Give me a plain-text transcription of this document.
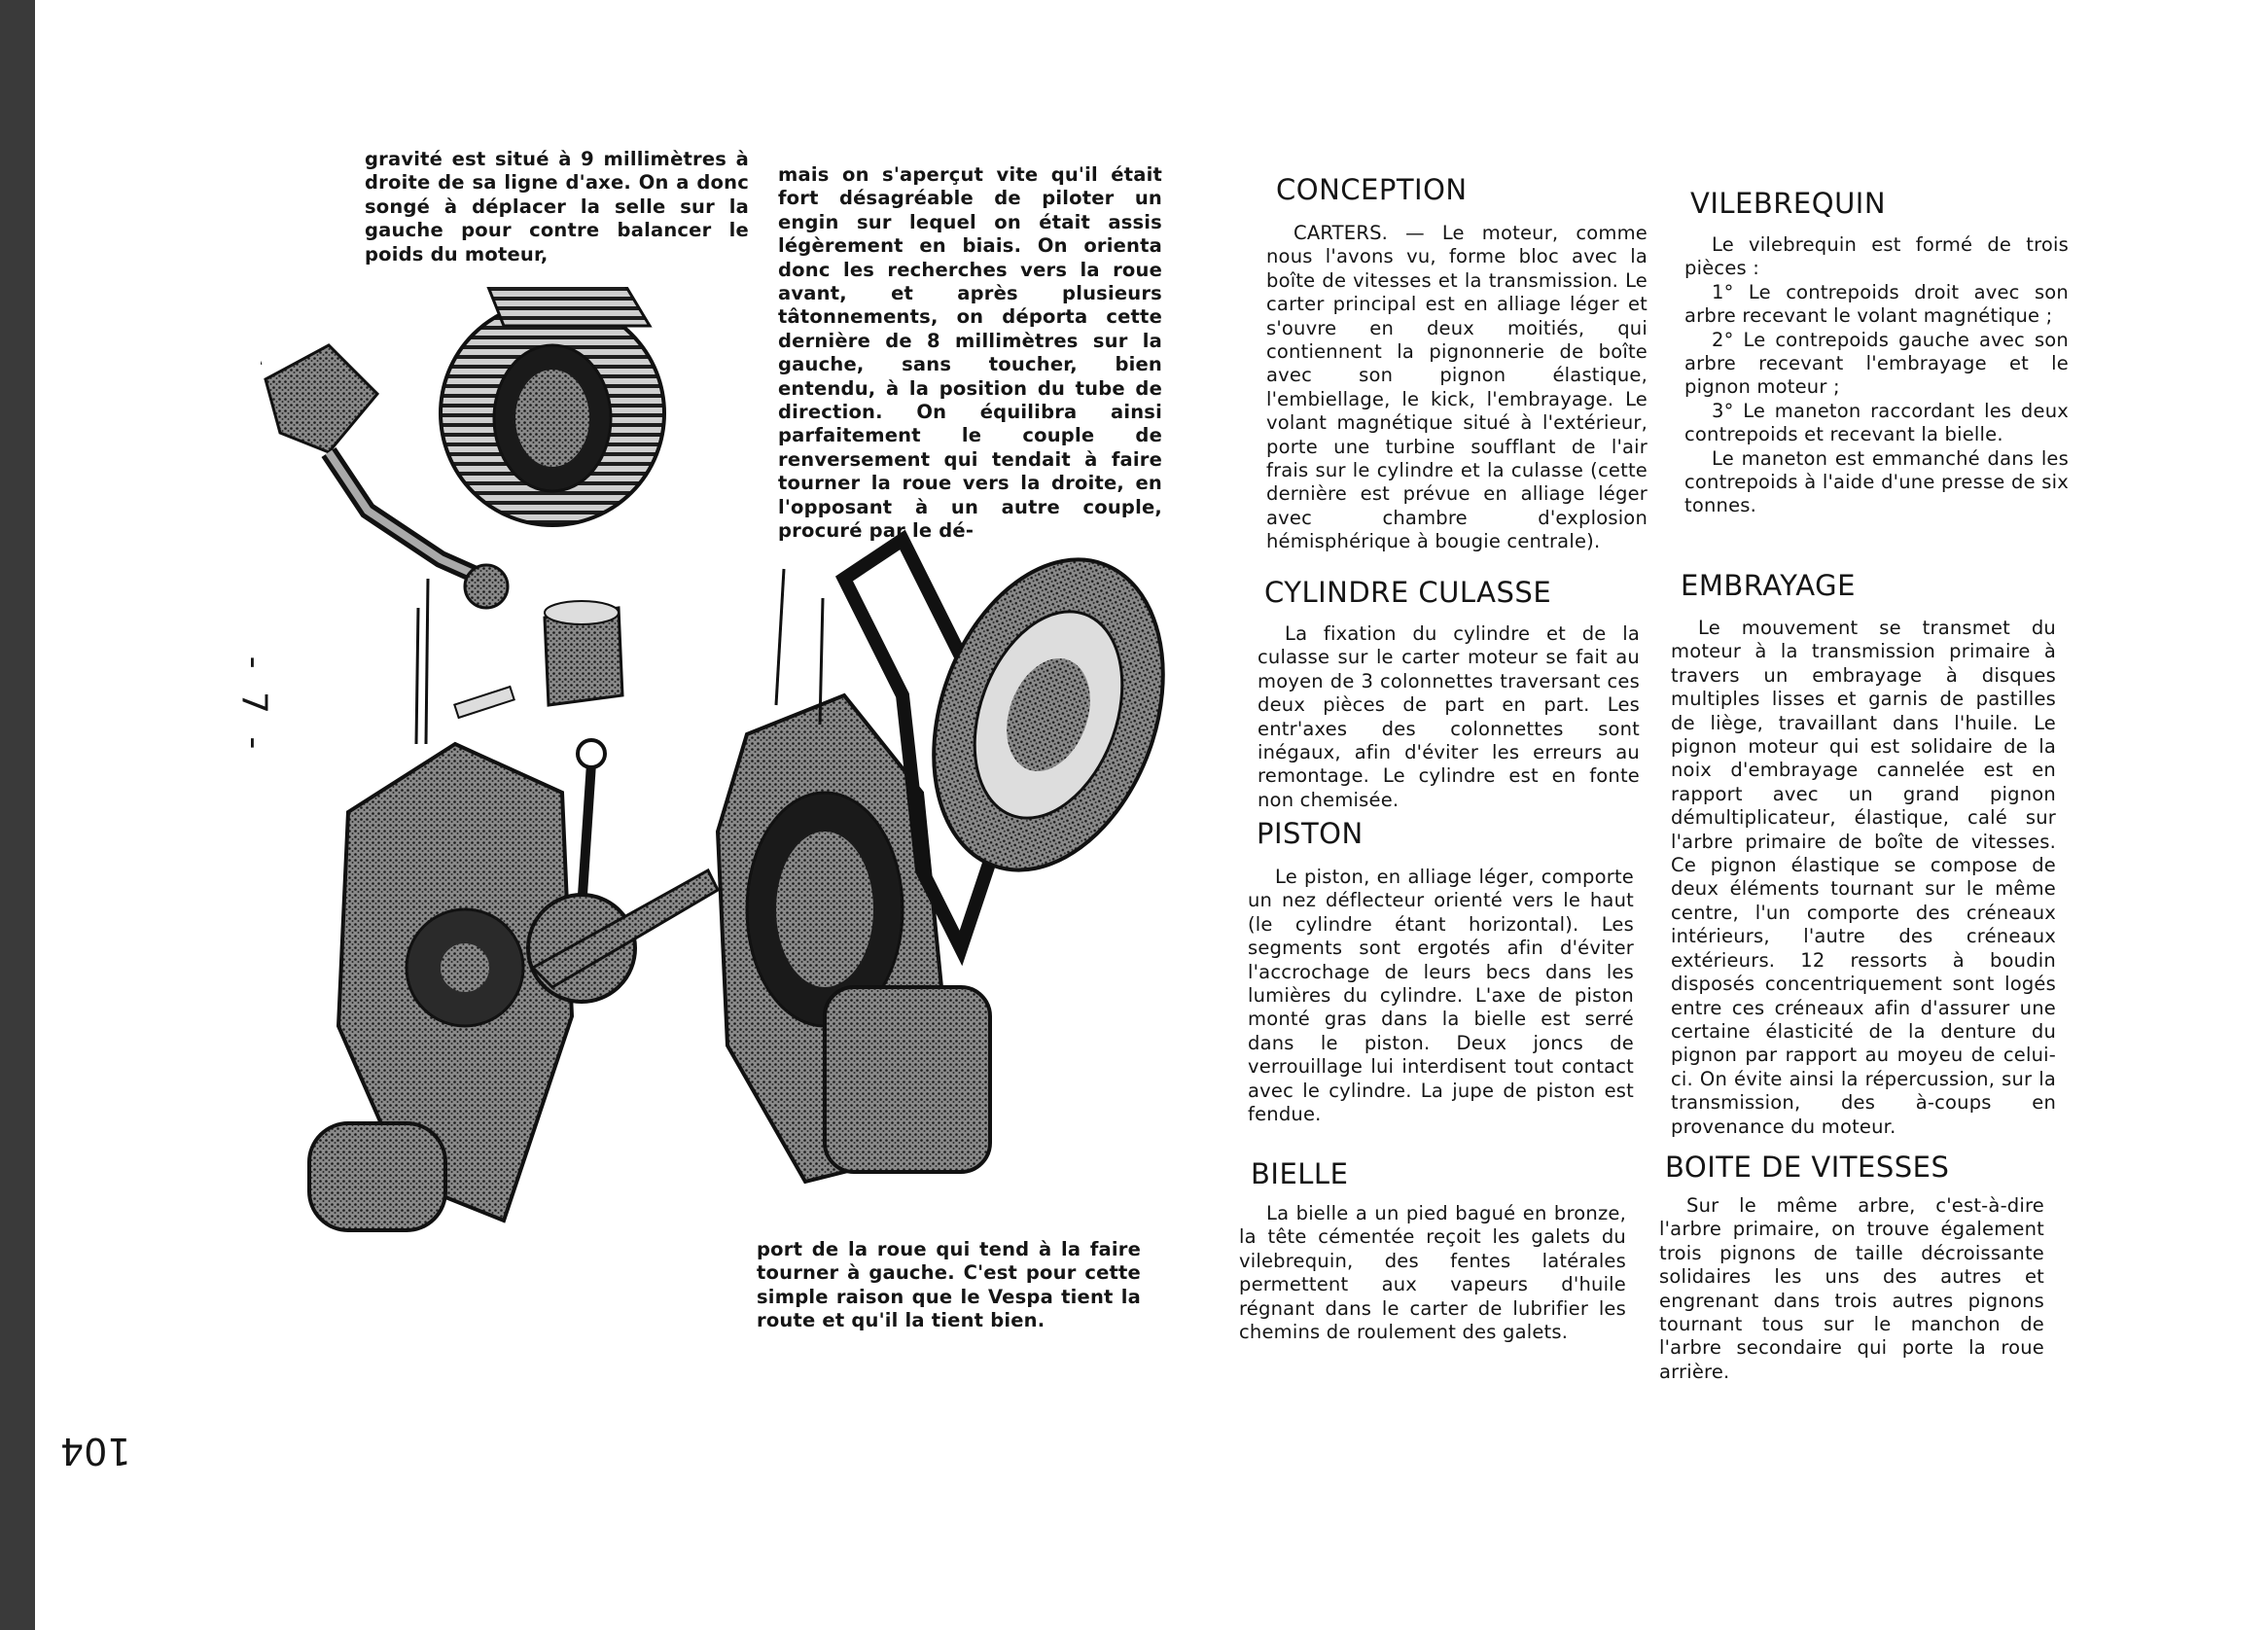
gravité est situé à 9 millimètres à droite de sa ligne d'axe. On a donc songé à déplacer la selle sur la gauche pour contre balancer le poids du moteur,

mais on s'aperçut vite qu'il était fort désagréable de piloter un engin sur lequel on était assis légèrement en biais. On orienta donc les recherches vers la roue avant, et après plusieurs tâtonnements, on déporta cette dernière de 8 millimètres sur la gauche, sans toucher, bien entendu, à la position du tube de direction. On équilibra ainsi parfaitement le couple de renversement qui tendait à faire tourner la roue vers la droite, en l'opposant à un autre couple, procuré par le dé-

port de la roue qui tend à la faire tourner à gauche. C'est pour cette simple raison que le Vespa tient la route et qu'il la tient bien.

CONCEPTION

CARTERS. — Le moteur, comme nous l'avons vu, forme bloc avec la boîte de vitesses et la transmission. Le carter principal est en alliage léger et s'ouvre en deux moitiés, qui contiennent la pignonnerie de boîte avec son pignon élastique, l'embiellage, le kick, l'embrayage. Le volant magnétique situé à l'extérieur, porte une turbine soufflant de l'air frais sur le cylindre et la culasse (cette dernière est prévue en alliage léger avec chambre d'explosion hémisphérique à bougie centrale).

CYLINDRE CULASSE

La fixation du cylindre et de la culasse sur le carter moteur se fait au moyen de 3 colonnettes traversant ces deux pièces de part en part. Les entr'axes des colonnettes sont inégaux, afin d'éviter les erreurs au remontage. Le cylindre est en fonte non chemisée.

PISTON

Le piston, en alliage léger, comporte un nez déflecteur orienté vers le haut (le cylindre étant horizontal). Les segments sont ergotés afin d'éviter l'accrochage de leurs becs dans les lumières du cylindre. L'axe de piston monté gras dans la bielle est serré dans le piston. Deux joncs de verrouillage lui interdisent tout contact avec le cylindre. La jupe de piston est fendue.

BIELLE

La bielle a un pied bagué en bronze, la tête cémentée reçoit les galets du vilebrequin, des fentes latérales permettent aux vapeurs d'huile régnant dans le carter de lubrifier les chemins de roulement des galets.

VILEBREQUIN

Le vilebrequin est formé de trois pièces :

1° Le contrepoids droit avec son arbre recevant le volant magnétique ;

2° Le contrepoids gauche avec son arbre recevant l'embrayage et le pignon moteur ;

3° Le maneton raccordant les deux contrepoids et recevant la bielle.

Le maneton est emmanché dans les contrepoids à l'aide d'une presse de six tonnes.

EMBRAYAGE

Le mouvement se transmet du moteur à la transmission primaire à travers un embrayage à disques multiples lisses et garnis de pastilles de liège, travaillant dans l'huile. Le pignon moteur qui est solidaire de la noix d'embrayage cannelée est en rapport avec un grand pignon démultiplicateur, élastique, calé sur l'arbre primaire de boîte de vitesses. Ce pignon élastique se compose de deux éléments tournant sur le même centre, l'un comporte des créneaux intérieurs, l'autre des créneaux extérieurs. 12 ressorts à boudin disposés concentriquement sont logés entre ces créneaux afin d'assurer une certaine élasticité de la denture du pignon par rapport au moyeu de celui-ci. On évite ainsi la répercussion, sur la transmission, des à-coups en provenance du moteur.

BOITE DE VITESSES

Sur le même arbre, c'est-à-dire l'arbre primaire, on trouve également trois pignons de taille décroissante solidaires les uns des autres et engrenant dans trois autres pignons tournant tous sur le manchon de l'arbre secondaire qui porte la roue arrière.

- 7 -
104
